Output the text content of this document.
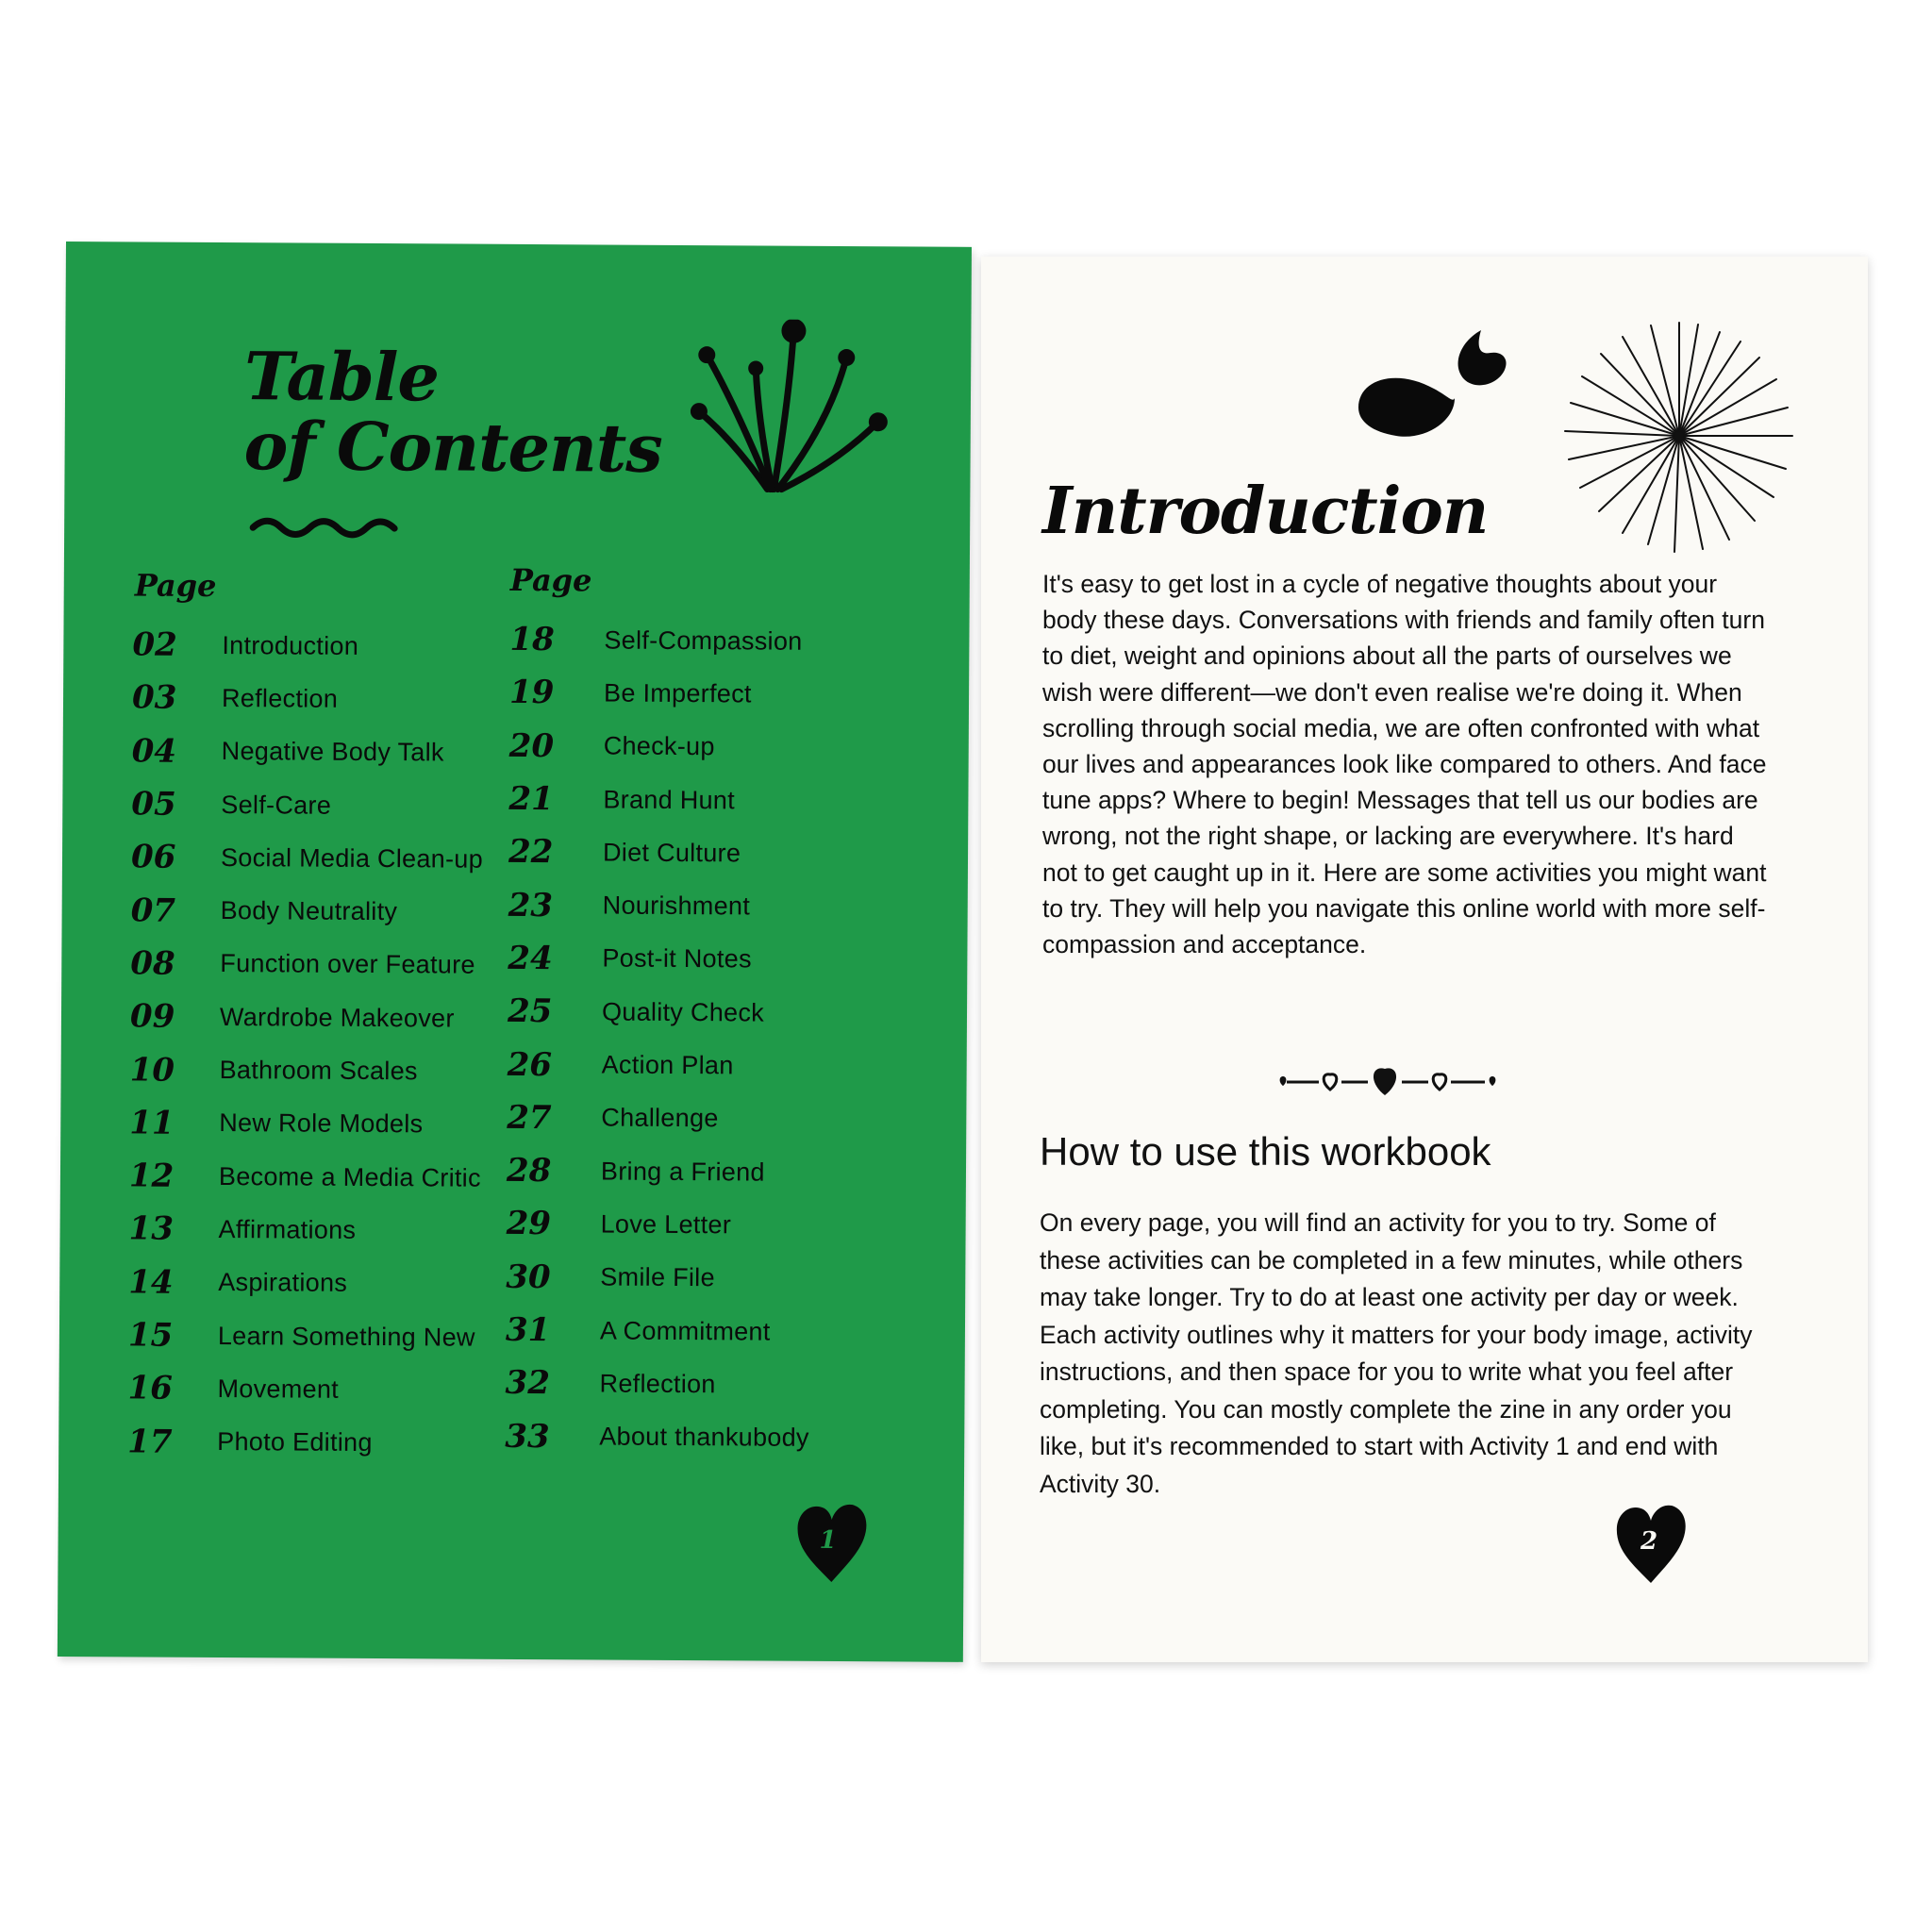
Table
of Contents
Page
02	Introduction
03	Reflection
04	Negative Body Talk
05	Self-Care
06	Social Media Clean-up
07	Body Neutrality
08	Function over Feature
09	Wardrobe Makeover
10	Bathroom Scales
11	New Role Models
12	Become a Media Critic
13	Affirmations
14	Aspirations
15	Learn Something New
16	Movement
17	Photo Editing
Page
18	Self-Compassion
19	Be Imperfect
20	Check-up
21	Brand Hunt
22	Diet Culture
23	Nourishment
24	Post-it Notes
25	Quality Check
26	Action Plan
27	Challenge
28	Bring a Friend
29	Love Letter
30	Smile File
31	A Commitment
32	Reflection
33	About thankubody
1
Introduction

It's easy to get lost in a cycle of negative thoughts about your body these days. Conversations with friends and family often turn to diet, weight and opinions about all the parts of ourselves we wish were different—we don't even realise we're doing it. When scrolling through social media, we are often confronted with what our lives and appearances look like compared to others. And face tune apps? Where to begin! Messages that tell us our bodies are wrong, not the right shape, or lacking are everywhere. It's hard not to get caught up in it. Here are some activities you might want to try. They will help you navigate this online world with more self-compassion and acceptance.

How to use this workbook

On every page, you will find an activity for you to try. Some of these activities can be completed in a few minutes, while others may take longer. Try to do at least one activity per day or week. Each activity outlines why it matters for your body image, activity instructions, and then space for you to write what you feel after completing. You can mostly complete the zine in any order you like, but it's recommended to start with Activity 1 and end with Activity 30.

2
